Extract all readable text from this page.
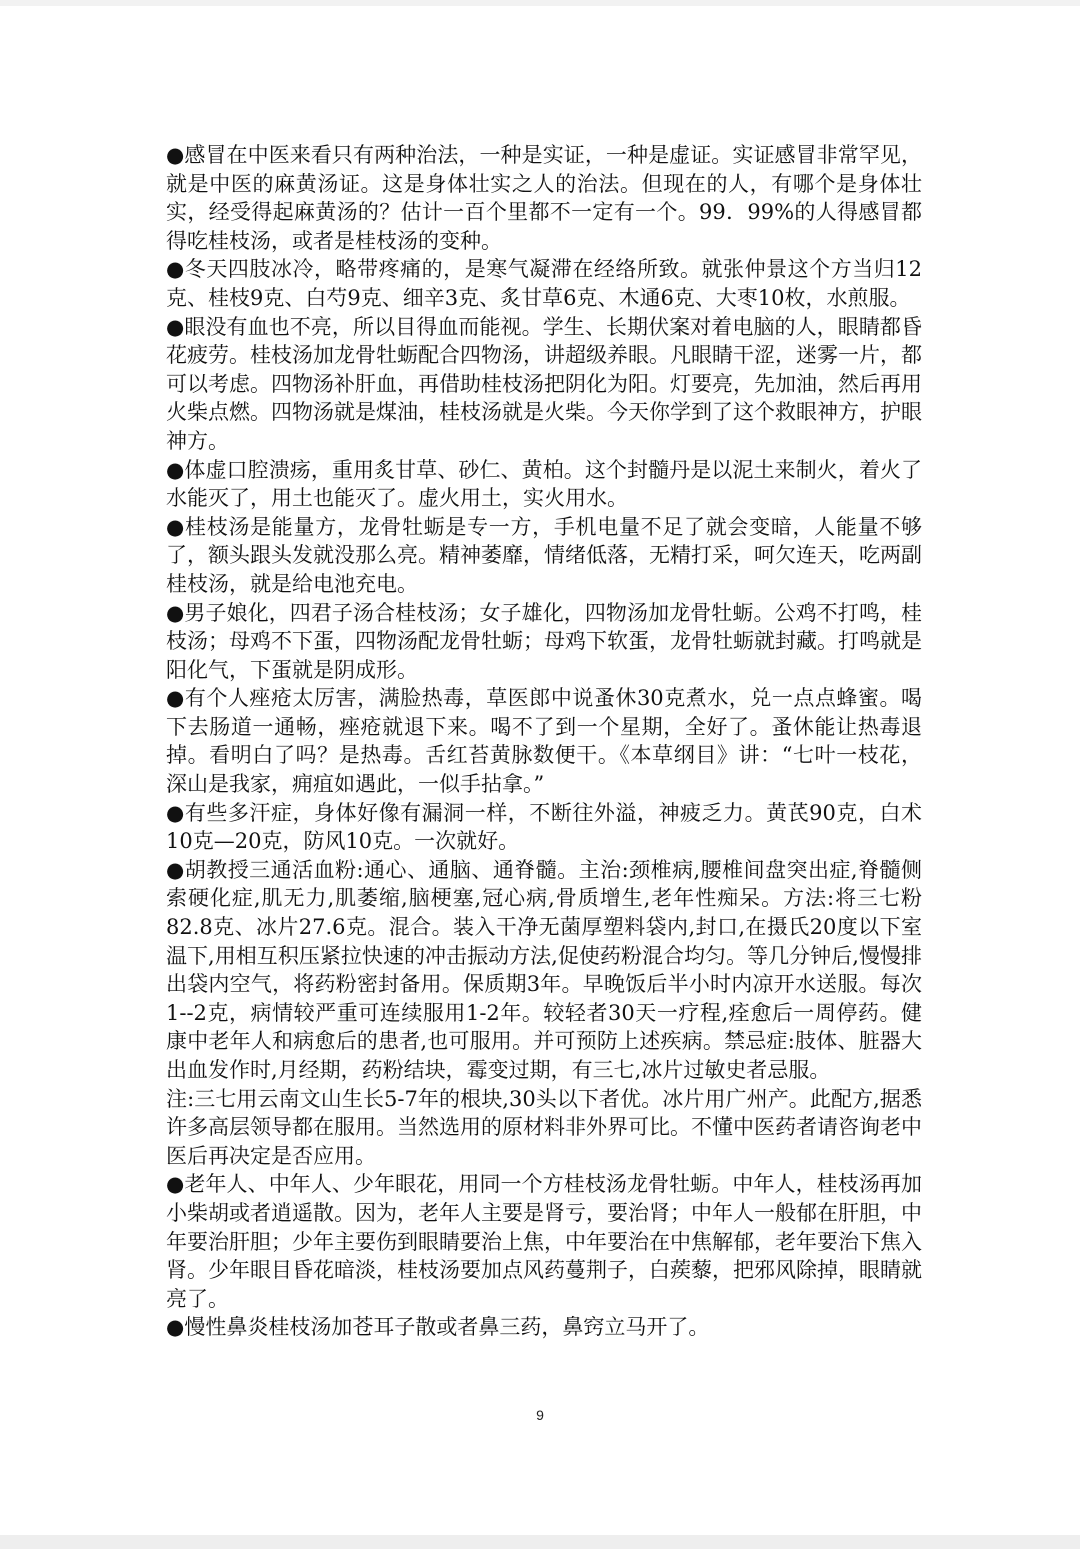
●感冒在中医来看只有两种治法，一种是实证，一种是虚证。实证感冒非常罕见，就是中医的麻黄汤证。这是身体壮实之人的治法。但现在的人，有哪个是身体壮实，经受得起麻黄汤的？估计一百个里都不一定有一个。99．99%的人得感冒都得吃桂枝汤，或者是桂枝汤的变种。

●冬天四肢冰冷，略带疼痛的，是寒气凝滞在经络所致。就张仲景这个方当归12克、桂枝9克、白芍9克、细辛3克、炙甘草6克、木通6克、大枣10枚，水煎服。

●眼没有血也不亮，所以目得血而能视。学生、长期伏案对着电脑的人，眼睛都昏花疲劳。桂枝汤加龙骨牡蛎配合四物汤，讲超级养眼。凡眼睛干涩，迷雾一片，都可以考虑。四物汤补肝血，再借助桂枝汤把阴化为阳。灯要亮，先加油，然后再用火柴点燃。四物汤就是煤油，桂枝汤就是火柴。今天你学到了这个救眼神方，护眼神方。

●体虚口腔溃疡，重用炙甘草、砂仁、黄柏。这个封髓丹是以泥土来制火，着火了水能灭了，用土也能灭了。虚火用土，实火用水。

●桂枝汤是能量方，龙骨牡蛎是专一方，手机电量不足了就会变暗，人能量不够了，额头跟头发就没那么亮。精神萎靡，情绪低落，无精打采，呵欠连天，吃两副桂枝汤，就是给电池充电。

●男子娘化，四君子汤合桂枝汤；女子雄化，四物汤加龙骨牡蛎。公鸡不打鸣，桂枝汤；母鸡不下蛋，四物汤配龙骨牡蛎；母鸡下软蛋，龙骨牡蛎就封藏。打鸣就是阳化气，下蛋就是阴成形。

●有个人痤疮太厉害，满脸热毒，草医郎中说蚤休30克煮水，兑一点点蜂蜜。喝下去肠道一通畅，痤疮就退下来。喝不了到一个星期，全好了。蚤休能让热毒退掉。看明白了吗？是热毒。舌红苔黄脉数便干。《本草纲目》讲：“七叶一枝花，深山是我家，痈疽如遇此，一似手拈拿。”

●有些多汗症，身体好像有漏洞一样，不断往外溢，神疲乏力。黄芪90克，白术10克—20克，防风10克。一次就好。

●胡教授三通活血粉:通心、通脑、通脊髓。主治:颈椎病,腰椎间盘突出症,脊髓侧索硬化症,肌无力,肌萎缩,脑梗塞,冠心病,骨质增生,老年性痴呆。方法:将三七粉82.8克、冰片27.6克。混合。装入干净无菌厚塑料袋内,封口,在摄氏20度以下室温下,用相互积压紧拉快速的冲击振动方法,促使药粉混合均匀。等几分钟后,慢慢排出袋内空气，将药粉密封备用。保质期3年。早晚饭后半小时内凉开水送服。每次1--2克，病情较严重可连续服用1-2年。较轻者30天一疗程,痊愈后一周停药。健康中老年人和病愈后的患者,也可服用。并可预防上述疾病。禁忌症:肢体、脏器大出血发作时,月经期，药粉结块，霉变过期，有三七,冰片过敏史者忌服。

注:三七用云南文山生长5-7年的根块,30头以下者优。冰片用广州产。此配方,据悉许多高层领导都在服用。当然选用的原材料非外界可比。不懂中医药者请咨询老中医后再决定是否应用。

●老年人、中年人、少年眼花，用同一个方桂枝汤龙骨牡蛎。中年人，桂枝汤再加小柴胡或者逍遥散。因为，老年人主要是肾亏，要治肾；中年人一般郁在肝胆，中年要治肝胆；少年主要伤到眼睛要治上焦，中年要治在中焦解郁，老年要治下焦入肾。少年眼目昏花暗淡，桂枝汤要加点风药蔓荆子，白蒺藜，把邪风除掉，眼睛就亮了。

●慢性鼻炎桂枝汤加苍耳子散或者鼻三药，鼻窍立马开了。

9
